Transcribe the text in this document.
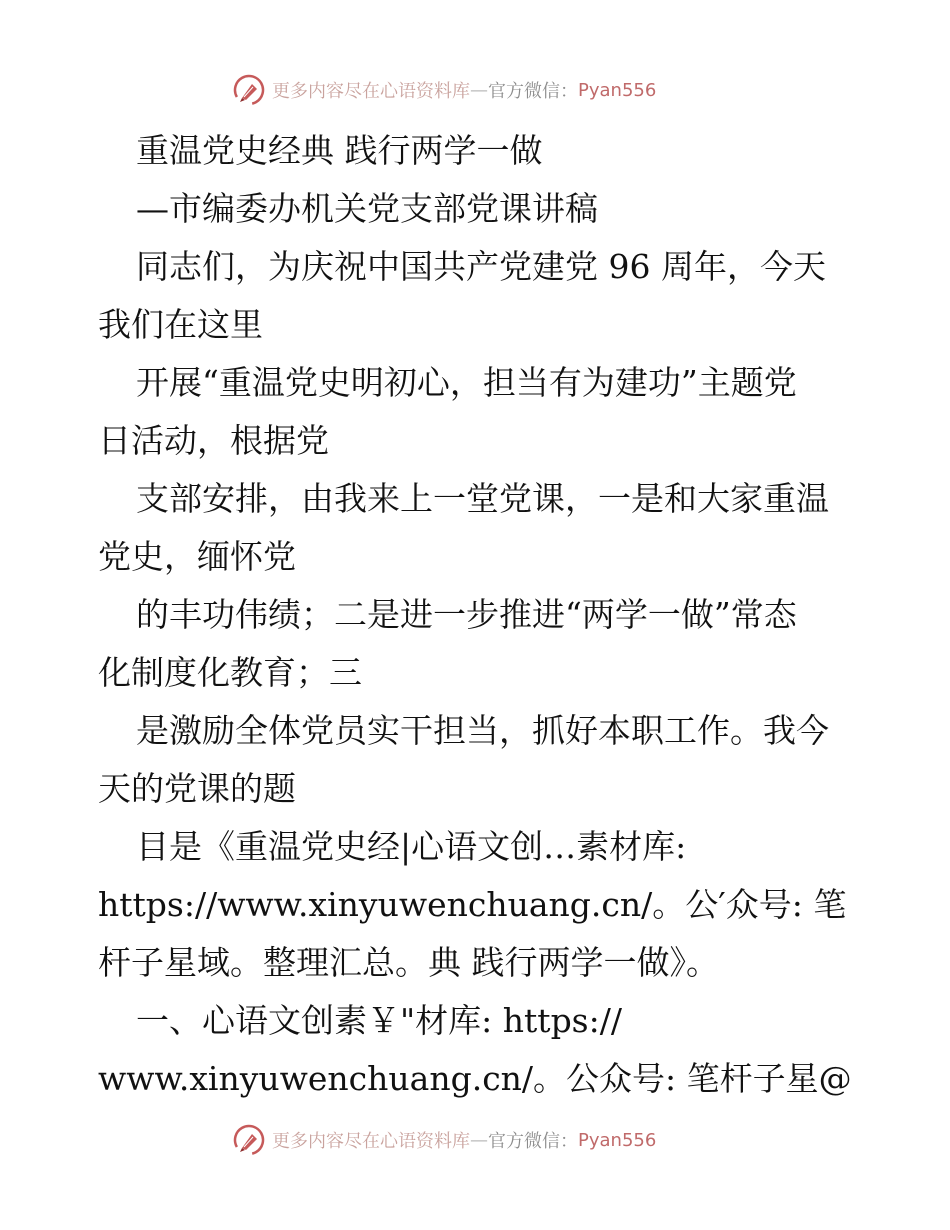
更多内容尽在心语资料库 — 官方微信： Pyan556

重温党史经典 践行两学一做

—市编委办机关党支部党课讲稿

同志们，为庆祝中国共产党建党 96 周年，今天

我们在这里

开展“重温党史明初心，担当有为建功”主题党

日活动，根据党

支部安排，由我来上一堂党课，一是和大家重温

党史，缅怀党

的丰功伟绩；二是进一步推进“两学一做”常态

化制度化教育；三

是激励全体党员实干担当，抓好本职工作。我今

天的党课的题

目是《重温党史经|心语文创…素材库:

https://www.xinyuwenchuang.cn/。公′众号: 笔

杆子星域。整理汇总。典 践行两学一做》。

一、心语文创素￥"材库: https://

www.xinyuwenchuang.cn/。公众号: 笔杆子星@

更多内容尽在心语资料库 — 官方微信： Pyan556
